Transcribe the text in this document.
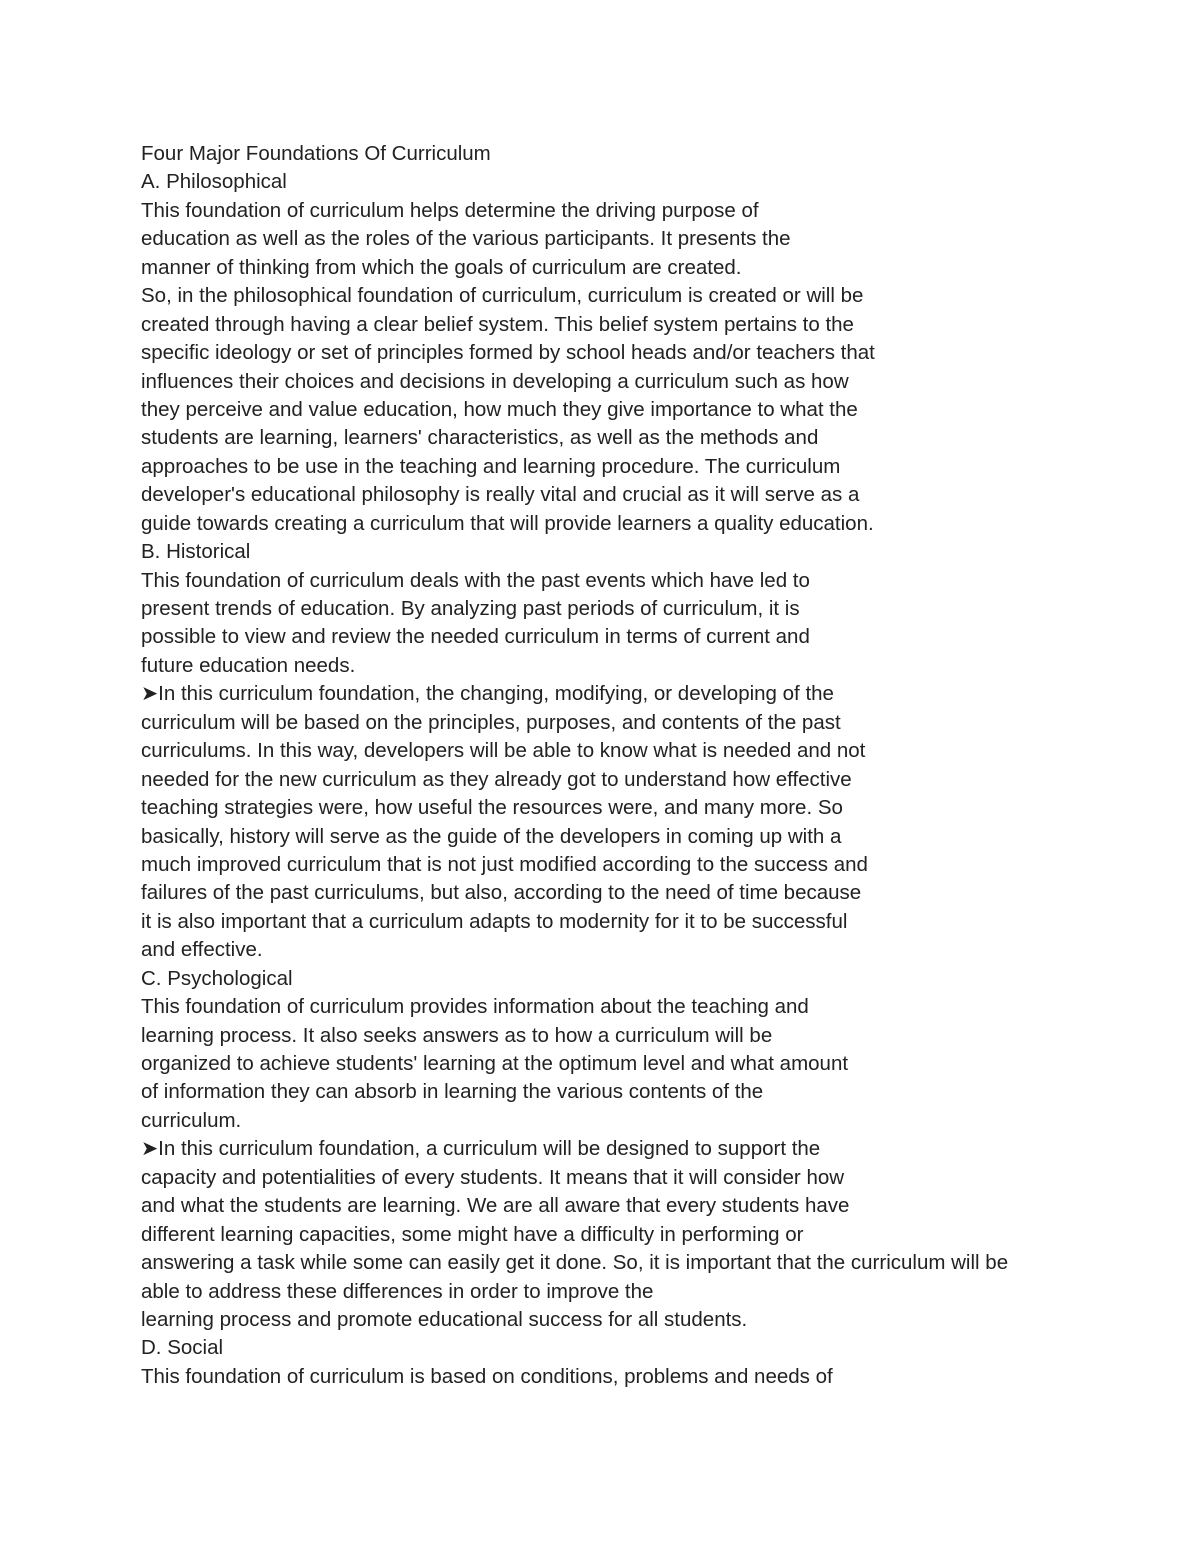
Four Major Foundations Of Curriculum
A. Philosophical
This foundation of curriculum helps determine the driving purpose of
education as well as the roles of the various participants. It presents the
manner of thinking from which the goals of curriculum are created.
So, in the philosophical foundation of curriculum, curriculum is created or will be
created through having a clear belief system. This belief system pertains to the
specific ideology or set of principles formed by school heads and/or teachers that
influences their choices and decisions in developing a curriculum such as how
they perceive and value education, how much they give importance to what the
students are learning, learners' characteristics, as well as the methods and
approaches to be use in the teaching and learning procedure. The curriculum
developer's educational philosophy is really vital and crucial as it will serve as a
guide towards creating a curriculum that will provide learners a quality education.
B. Historical
This foundation of curriculum deals with the past events which have led to
present trends of education. By analyzing past periods of curriculum, it is
possible to view and review the needed curriculum in terms of current and
future education needs.
➤In this curriculum foundation, the changing, modifying, or developing of the
curriculum will be based on the principles, purposes, and contents of the past
curriculums. In this way, developers will be able to know what is needed and not
needed for the new curriculum as they already got to understand how effective
teaching strategies were, how useful the resources were, and many more. So
basically, history will serve as the guide of the developers in coming up with a
much improved curriculum that is not just modified according to the success and
failures of the past curriculums, but also, according to the need of time because
it is also important that a curriculum adapts to modernity for it to be successful
and effective.
C. Psychological
This foundation of curriculum provides information about the teaching and
learning process. It also seeks answers as to how a curriculum will be
organized to achieve students' learning at the optimum level and what amount
of information they can absorb in learning the various contents of the
curriculum.
➤In this curriculum foundation, a curriculum will be designed to support the
capacity and potentialities of every students. It means that it will consider how
and what the students are learning. We are all aware that every students have
different learning capacities, some might have a difficulty in performing or
answering a task while some can easily get it done. So, it is important that the curriculum will be
able to address these differences in order to improve the
learning process and promote educational success for all students.
D. Social
This foundation of curriculum is based on conditions, problems and needs of
